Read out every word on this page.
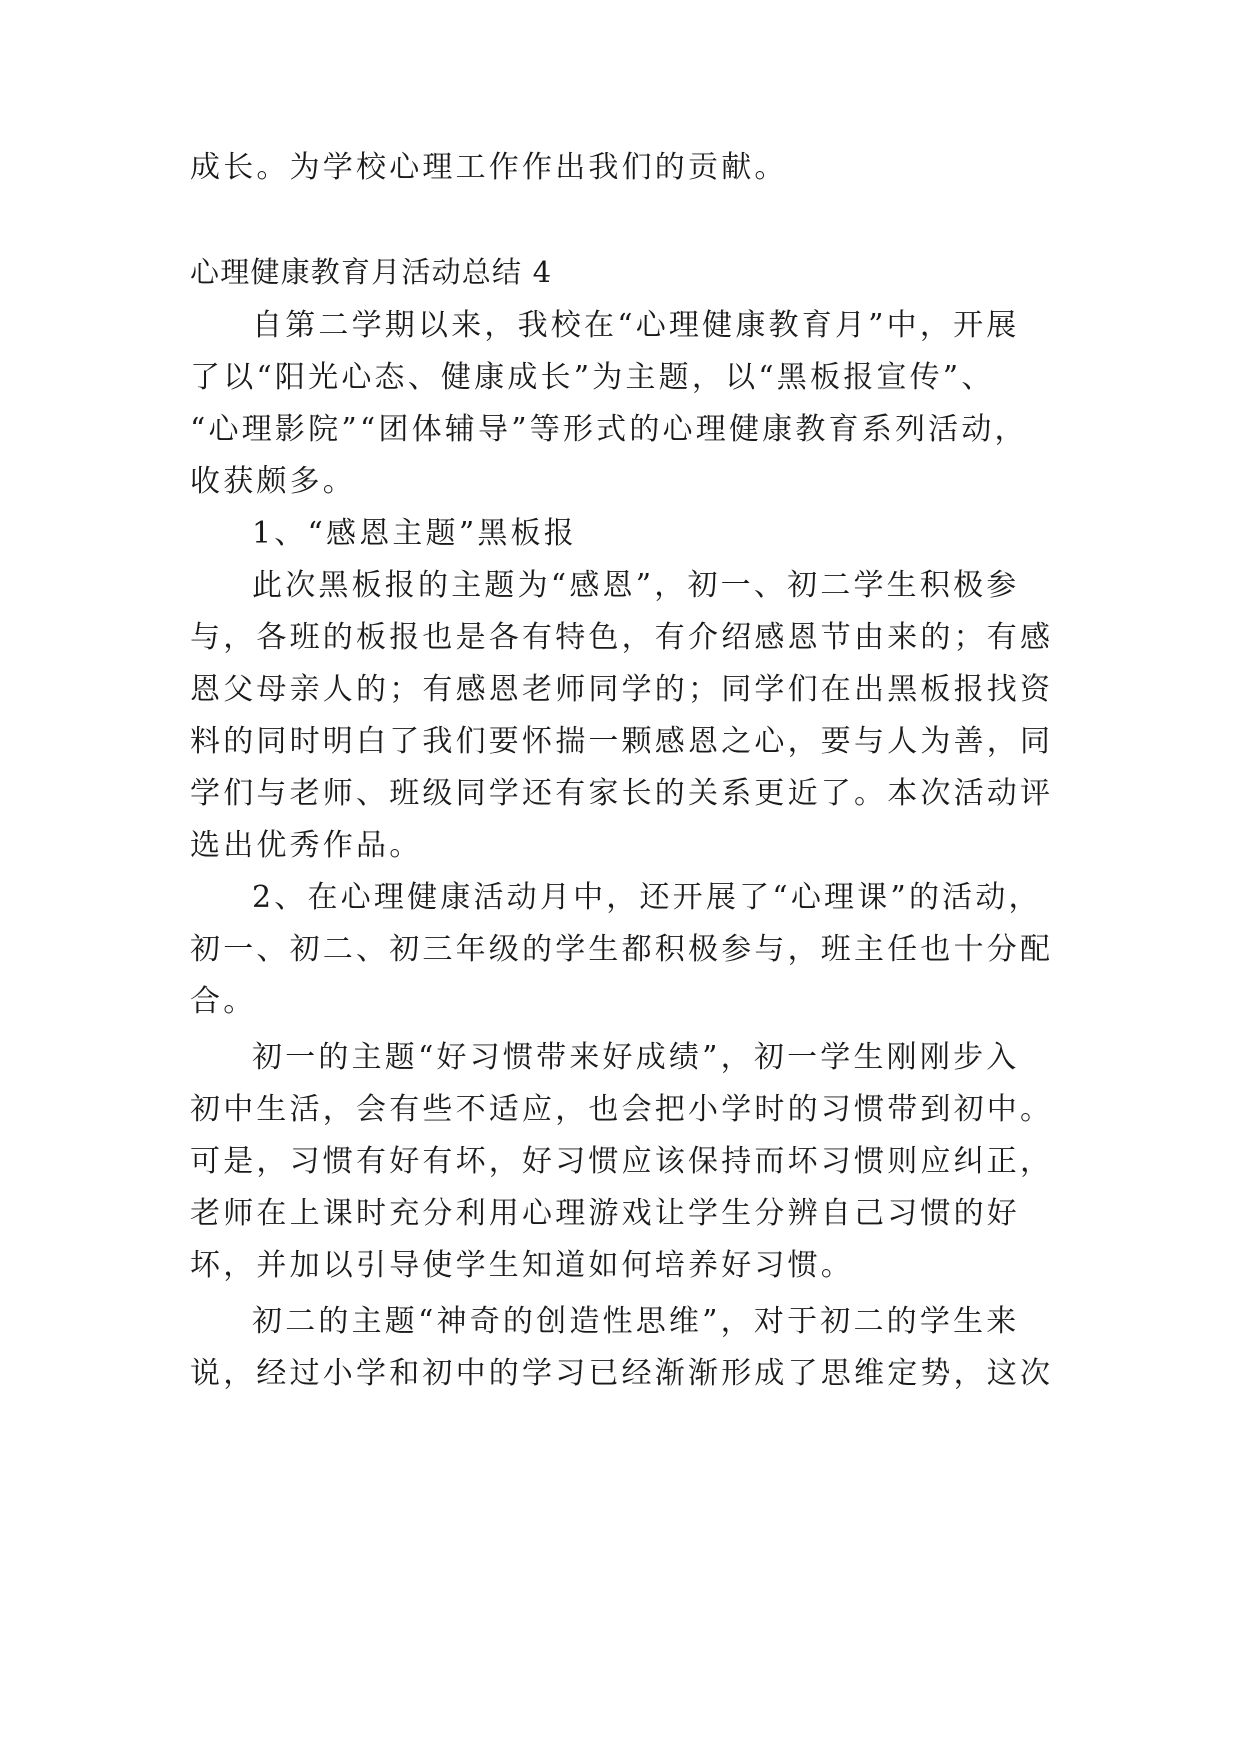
成长。为学校心理工作作出我们的贡献。
心理健康教育月活动总结 4
自第二学期以来，我校在“心理健康教育月”中，开展
了以“阳光心态、健康成长”为主题，以“黑板报宣传”、
“心理影院”“团体辅导”等形式的心理健康教育系列活动，
收获颇多。
1、“感恩主题”黑板报
此次黑板报的主题为“感恩”，初一、初二学生积极参
与，各班的板报也是各有特色，有介绍感恩节由来的；有感
恩父母亲人的；有感恩老师同学的；同学们在出黑板报找资
料的同时明白了我们要怀揣一颗感恩之心，要与人为善，同
学们与老师、班级同学还有家长的关系更近了。本次活动评
选出优秀作品。
2、在心理健康活动月中，还开展了“心理课”的活动，
初一、初二、初三年级的学生都积极参与，班主任也十分配
合。
初一的主题“好习惯带来好成绩”，初一学生刚刚步入
初中生活，会有些不适应，也会把小学时的习惯带到初中。
可是，习惯有好有坏，好习惯应该保持而坏习惯则应纠正，
老师在上课时充分利用心理游戏让学生分辨自己习惯的好
坏，并加以引导使学生知道如何培养好习惯。
初二的主题“神奇的创造性思维”，对于初二的学生来
说，经过小学和初中的学习已经渐渐形成了思维定势，这次
